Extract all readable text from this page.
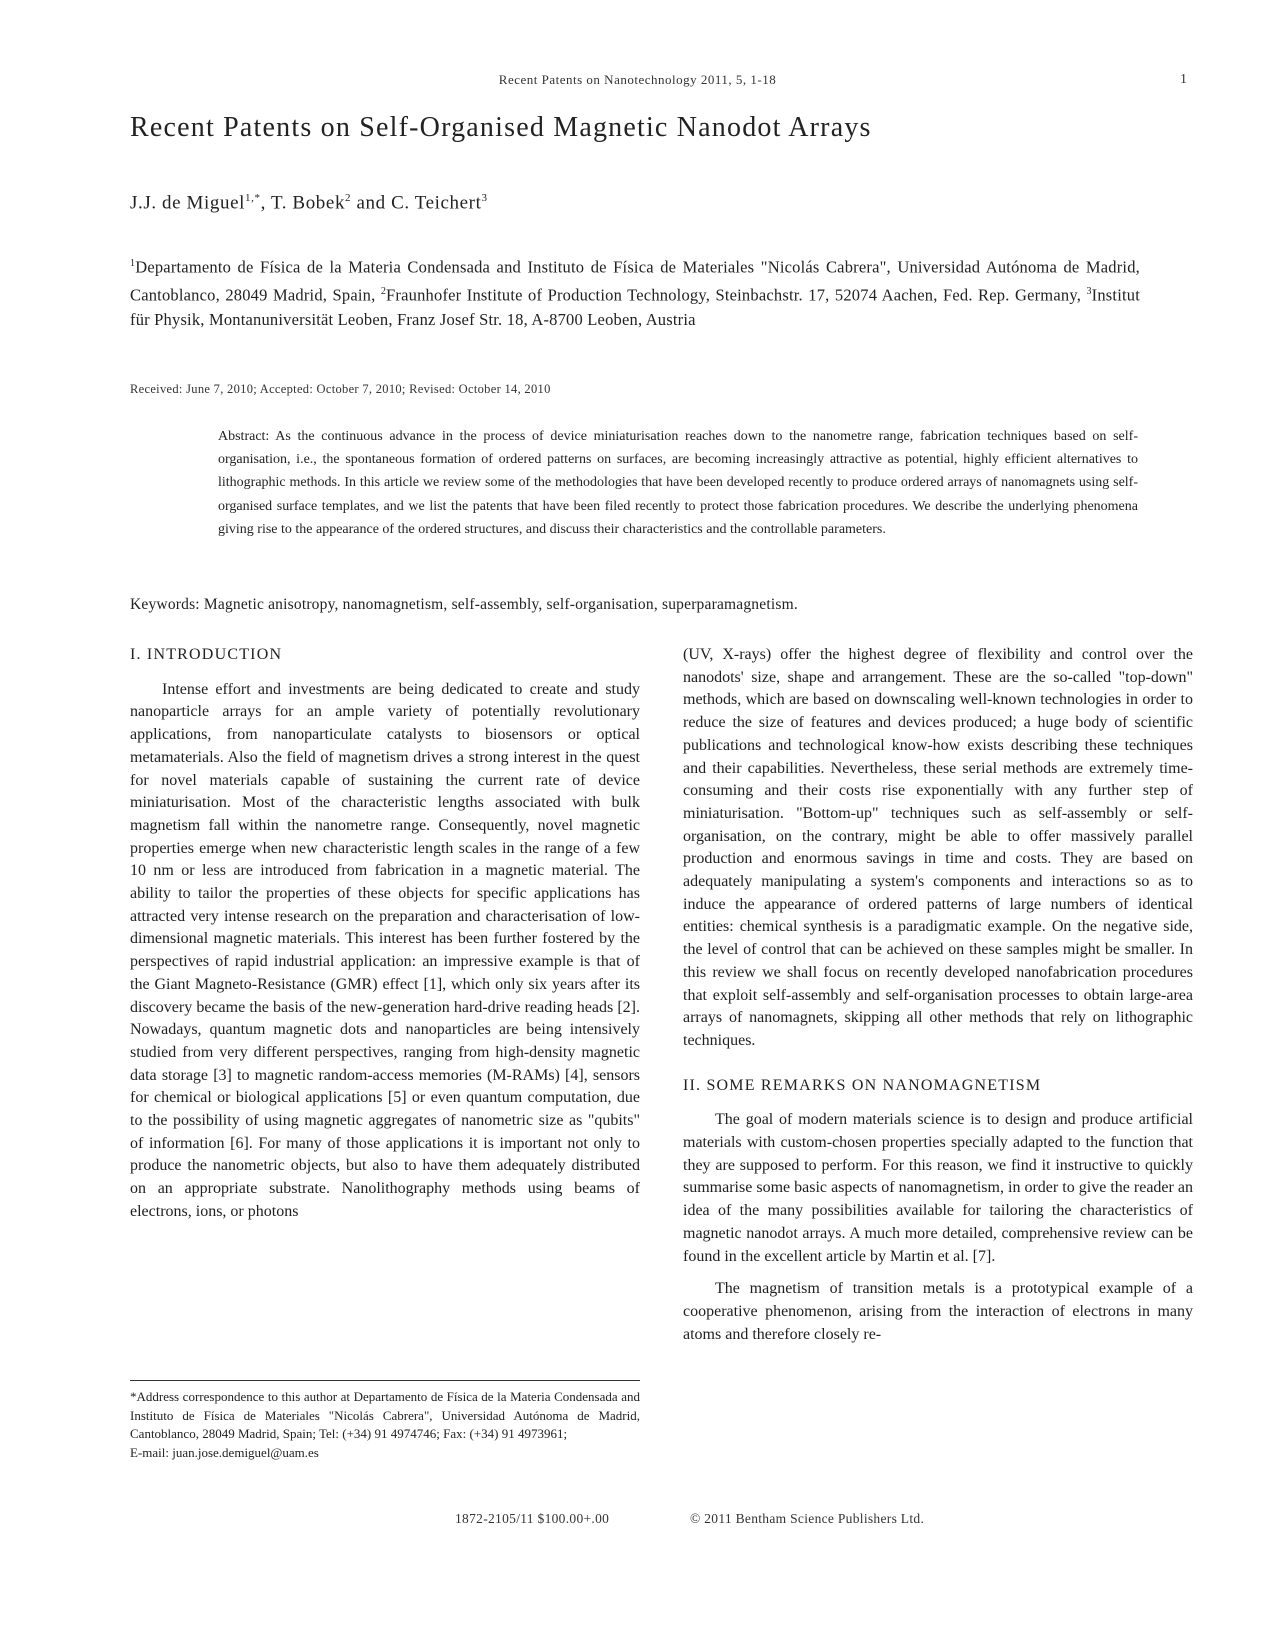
Recent Patents on Nanotechnology 2011, 5, 1-18	1
Recent Patents on Self-Organised Magnetic Nanodot Arrays
J.J. de Miguel$^{1,*}$, T. Bobek$^2$ and C. Teichert$^3$
$^1$Departamento de Física de la Materia Condensada and Instituto de Física de Materiales "Nicolás Cabrera", Universidad Autónoma de Madrid, Cantoblanco, 28049 Madrid, Spain, $^2$Fraunhofer Institute of Production Technology, Steinbachstr. 17, 52074 Aachen, Fed. Rep. Germany, $^3$Institut für Physik, Montanuniversität Leoben, Franz Josef Str. 18, A-8700 Leoben, Austria
Received: June 7, 2010; Accepted: October 7, 2010; Revised: October 14, 2010
Abstract: As the continuous advance in the process of device miniaturisation reaches down to the nanometre range, fabrication techniques based on self-organisation, i.e., the spontaneous formation of ordered patterns on surfaces, are becoming increasingly attractive as potential, highly efficient alternatives to lithographic methods. In this article we review some of the methodologies that have been developed recently to produce ordered arrays of nanomagnets using self-organised surface templates, and we list the patents that have been filed recently to protect those fabrication procedures. We describe the underlying phenomena giving rise to the appearance of the ordered structures, and discuss their characteristics and the controllable parameters.
Keywords: Magnetic anisotropy, nanomagnetism, self-assembly, self-organisation, superparamagnetism.
I. INTRODUCTION

Intense effort and investments are being dedicated to create and study nanoparticle arrays for an ample variety of potentially revolutionary applications, from nanoparticulate catalysts to biosensors or optical metamaterials. Also the field of magnetism drives a strong interest in the quest for novel materials capable of sustaining the current rate of device miniaturisation. Most of the characteristic lengths associated with bulk magnetism fall within the nanometre range. Consequently, novel magnetic properties emerge when new characteristic length scales in the range of a few 10 nm or less are introduced from fabrication in a magnetic material. The ability to tailor the properties of these objects for specific applications has attracted very intense research on the preparation and characterisation of low-dimensional magnetic materials. This interest has been further fostered by the perspectives of rapid industrial application: an impressive example is that of the Giant Magneto-Resistance (GMR) effect [1], which only six years after its discovery became the basis of the new-generation hard-drive reading heads [2]. Nowadays, quantum magnetic dots and nanoparticles are being intensively studied from very different perspectives, ranging from high-density magnetic data storage [3] to magnetic random-access memories (M-RAMs) [4], sensors for chemical or biological applications [5] or even quantum computation, due to the possibility of using magnetic aggregates of nanometric size as "qubits" of information [6]. For many of those applications it is important not only to produce the nanometric objects, but also to have them adequately distributed on an appropriate substrate. Nanolithography methods using beams of electrons, ions, or photons

(UV, X-rays) offer the highest degree of flexibility and control over the nanodots' size, shape and arrangement. These are the so-called "top-down" methods, which are based on downscaling well-known technologies in order to reduce the size of features and devices produced; a huge body of scientific publications and technological know-how exists describing these techniques and their capabilities. Nevertheless, these serial methods are extremely time-consuming and their costs rise exponentially with any further step of miniaturisation. "Bottom-up" techniques such as self-assembly or self-organisation, on the contrary, might be able to offer massively parallel production and enormous savings in time and costs. They are based on adequately manipulating a system's components and interactions so as to induce the appearance of ordered patterns of large numbers of identical entities: chemical synthesis is a paradigmatic example. On the negative side, the level of control that can be achieved on these samples might be smaller. In this review we shall focus on recently developed nanofabrication procedures that exploit self-assembly and self-organisation processes to obtain large-area arrays of nanomagnets, skipping all other methods that rely on lithographic techniques.

II. SOME REMARKS ON NANOMAGNETISM

The goal of modern materials science is to design and produce artificial materials with custom-chosen properties specially adapted to the function that they are supposed to perform. For this reason, we find it instructive to quickly summarise some basic aspects of nanomagnetism, in order to give the reader an idea of the many possibilities available for tailoring the characteristics of magnetic nanodot arrays. A much more detailed, comprehensive review can be found in the excellent article by Martin et al. [7].

The magnetism of transition metals is a prototypical example of a cooperative phenomenon, arising from the interaction of electrons in many atoms and therefore closely re-

*Address correspondence to this author at Departamento de Física de la Materia Condensada and Instituto de Física de Materiales "Nicolás Cabrera", Universidad Autónoma de Madrid, Cantoblanco, 28049 Madrid, Spain; Tel: (+34) 91 4974746; Fax: (+34) 91 4973961;
E-mail: juan.jose.demiguel@uam.es
1872-2105/11 $100.00+.00	© 2011 Bentham Science Publishers Ltd.
